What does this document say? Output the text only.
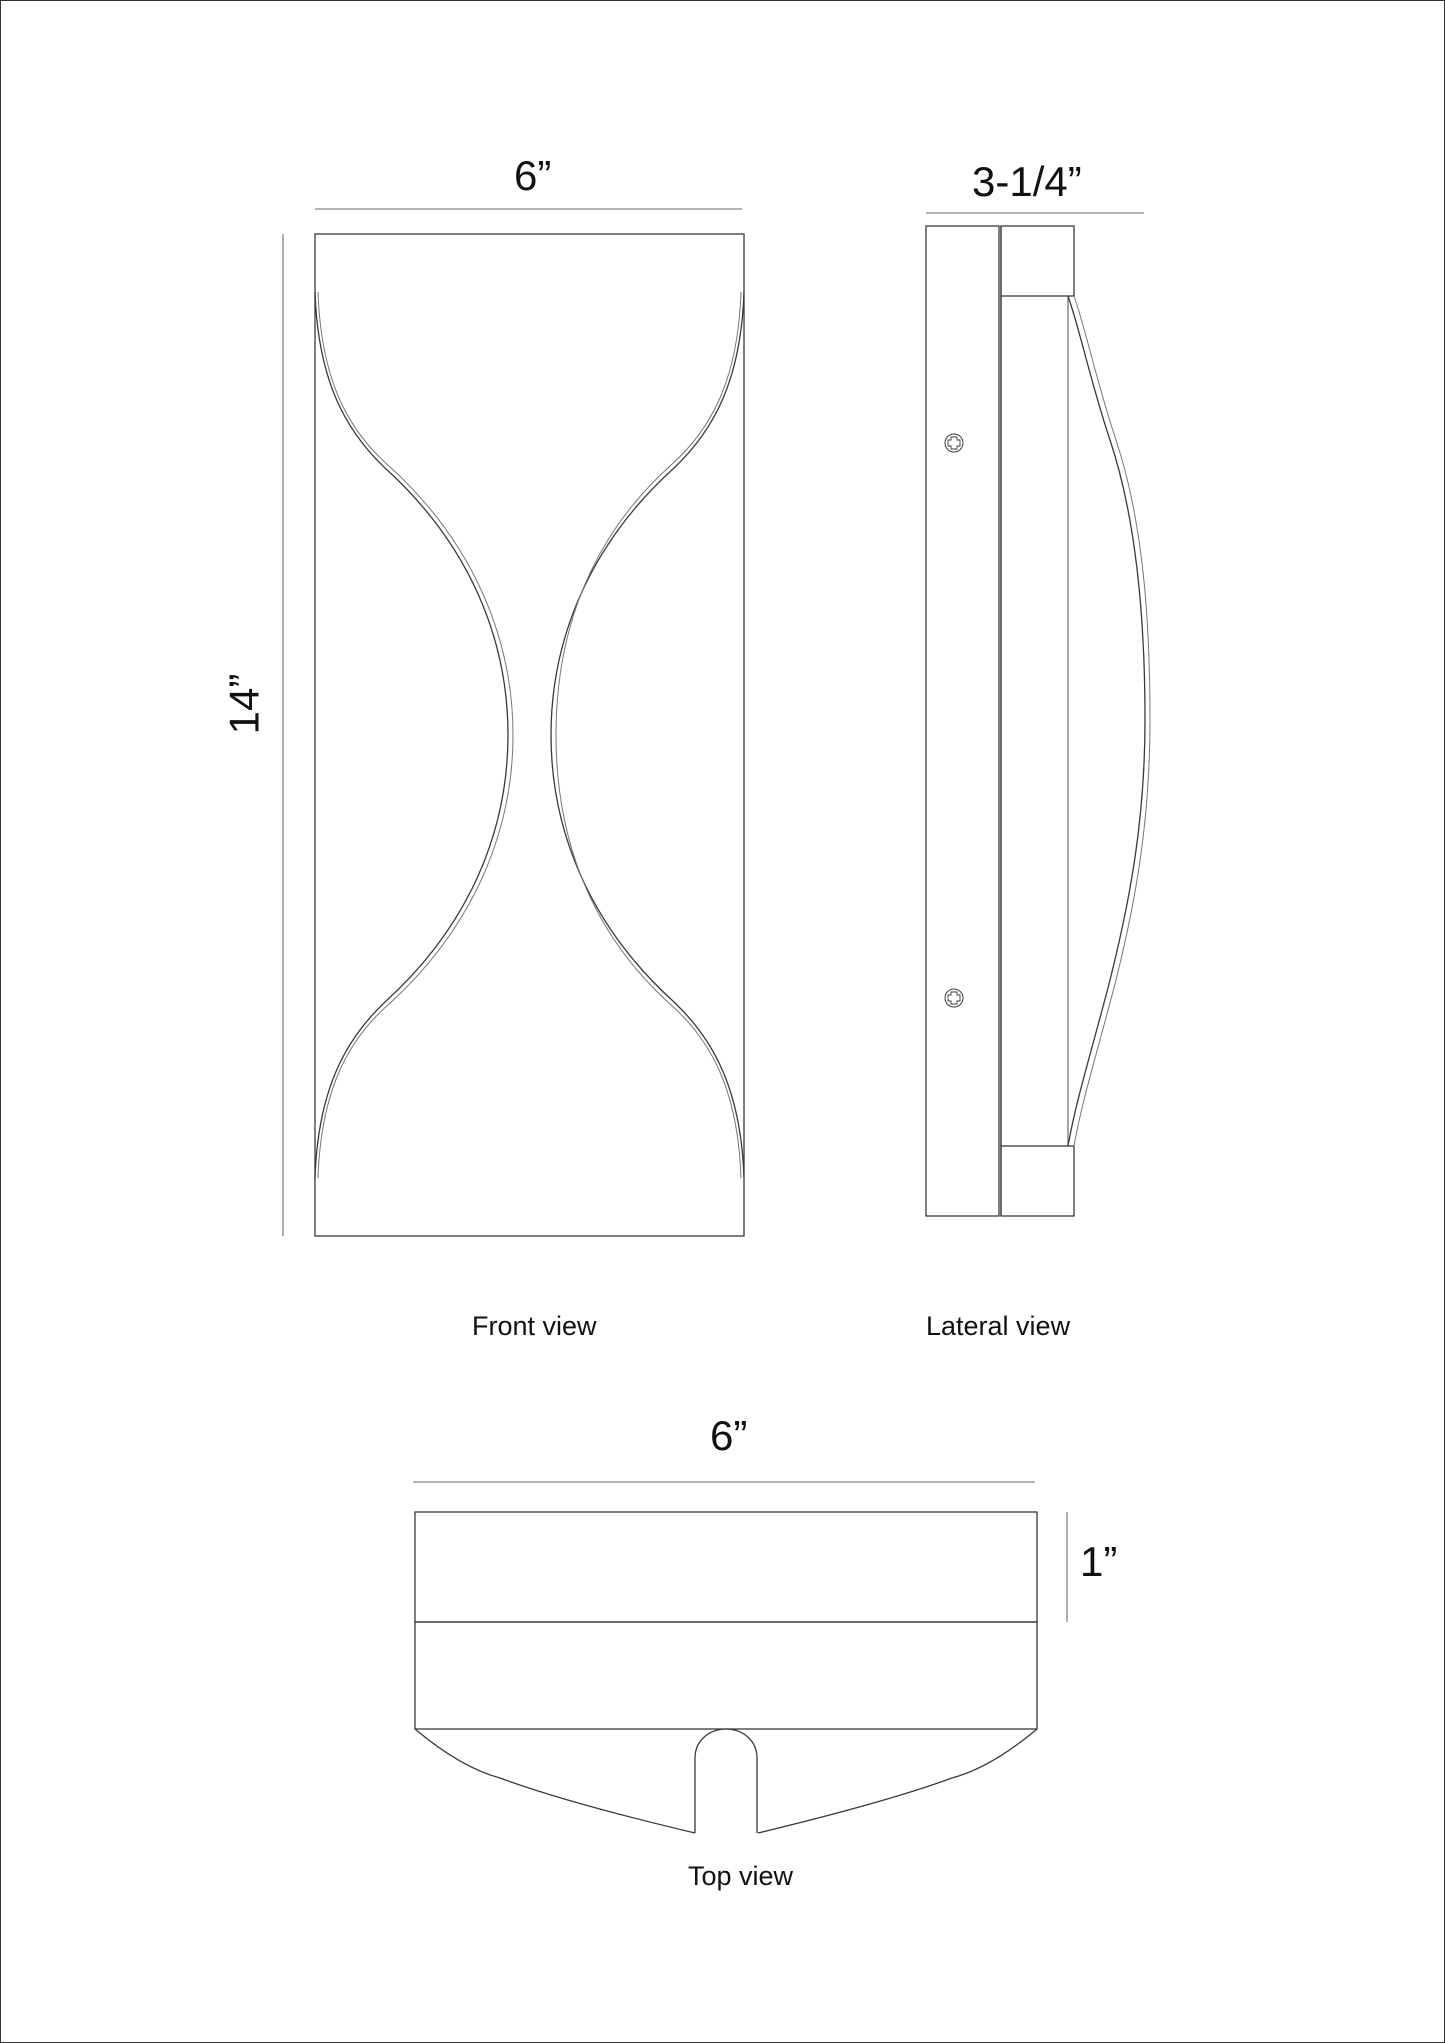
6”
14”
3-1/4”
6”
1”
Front view	Lateral view
Top view
